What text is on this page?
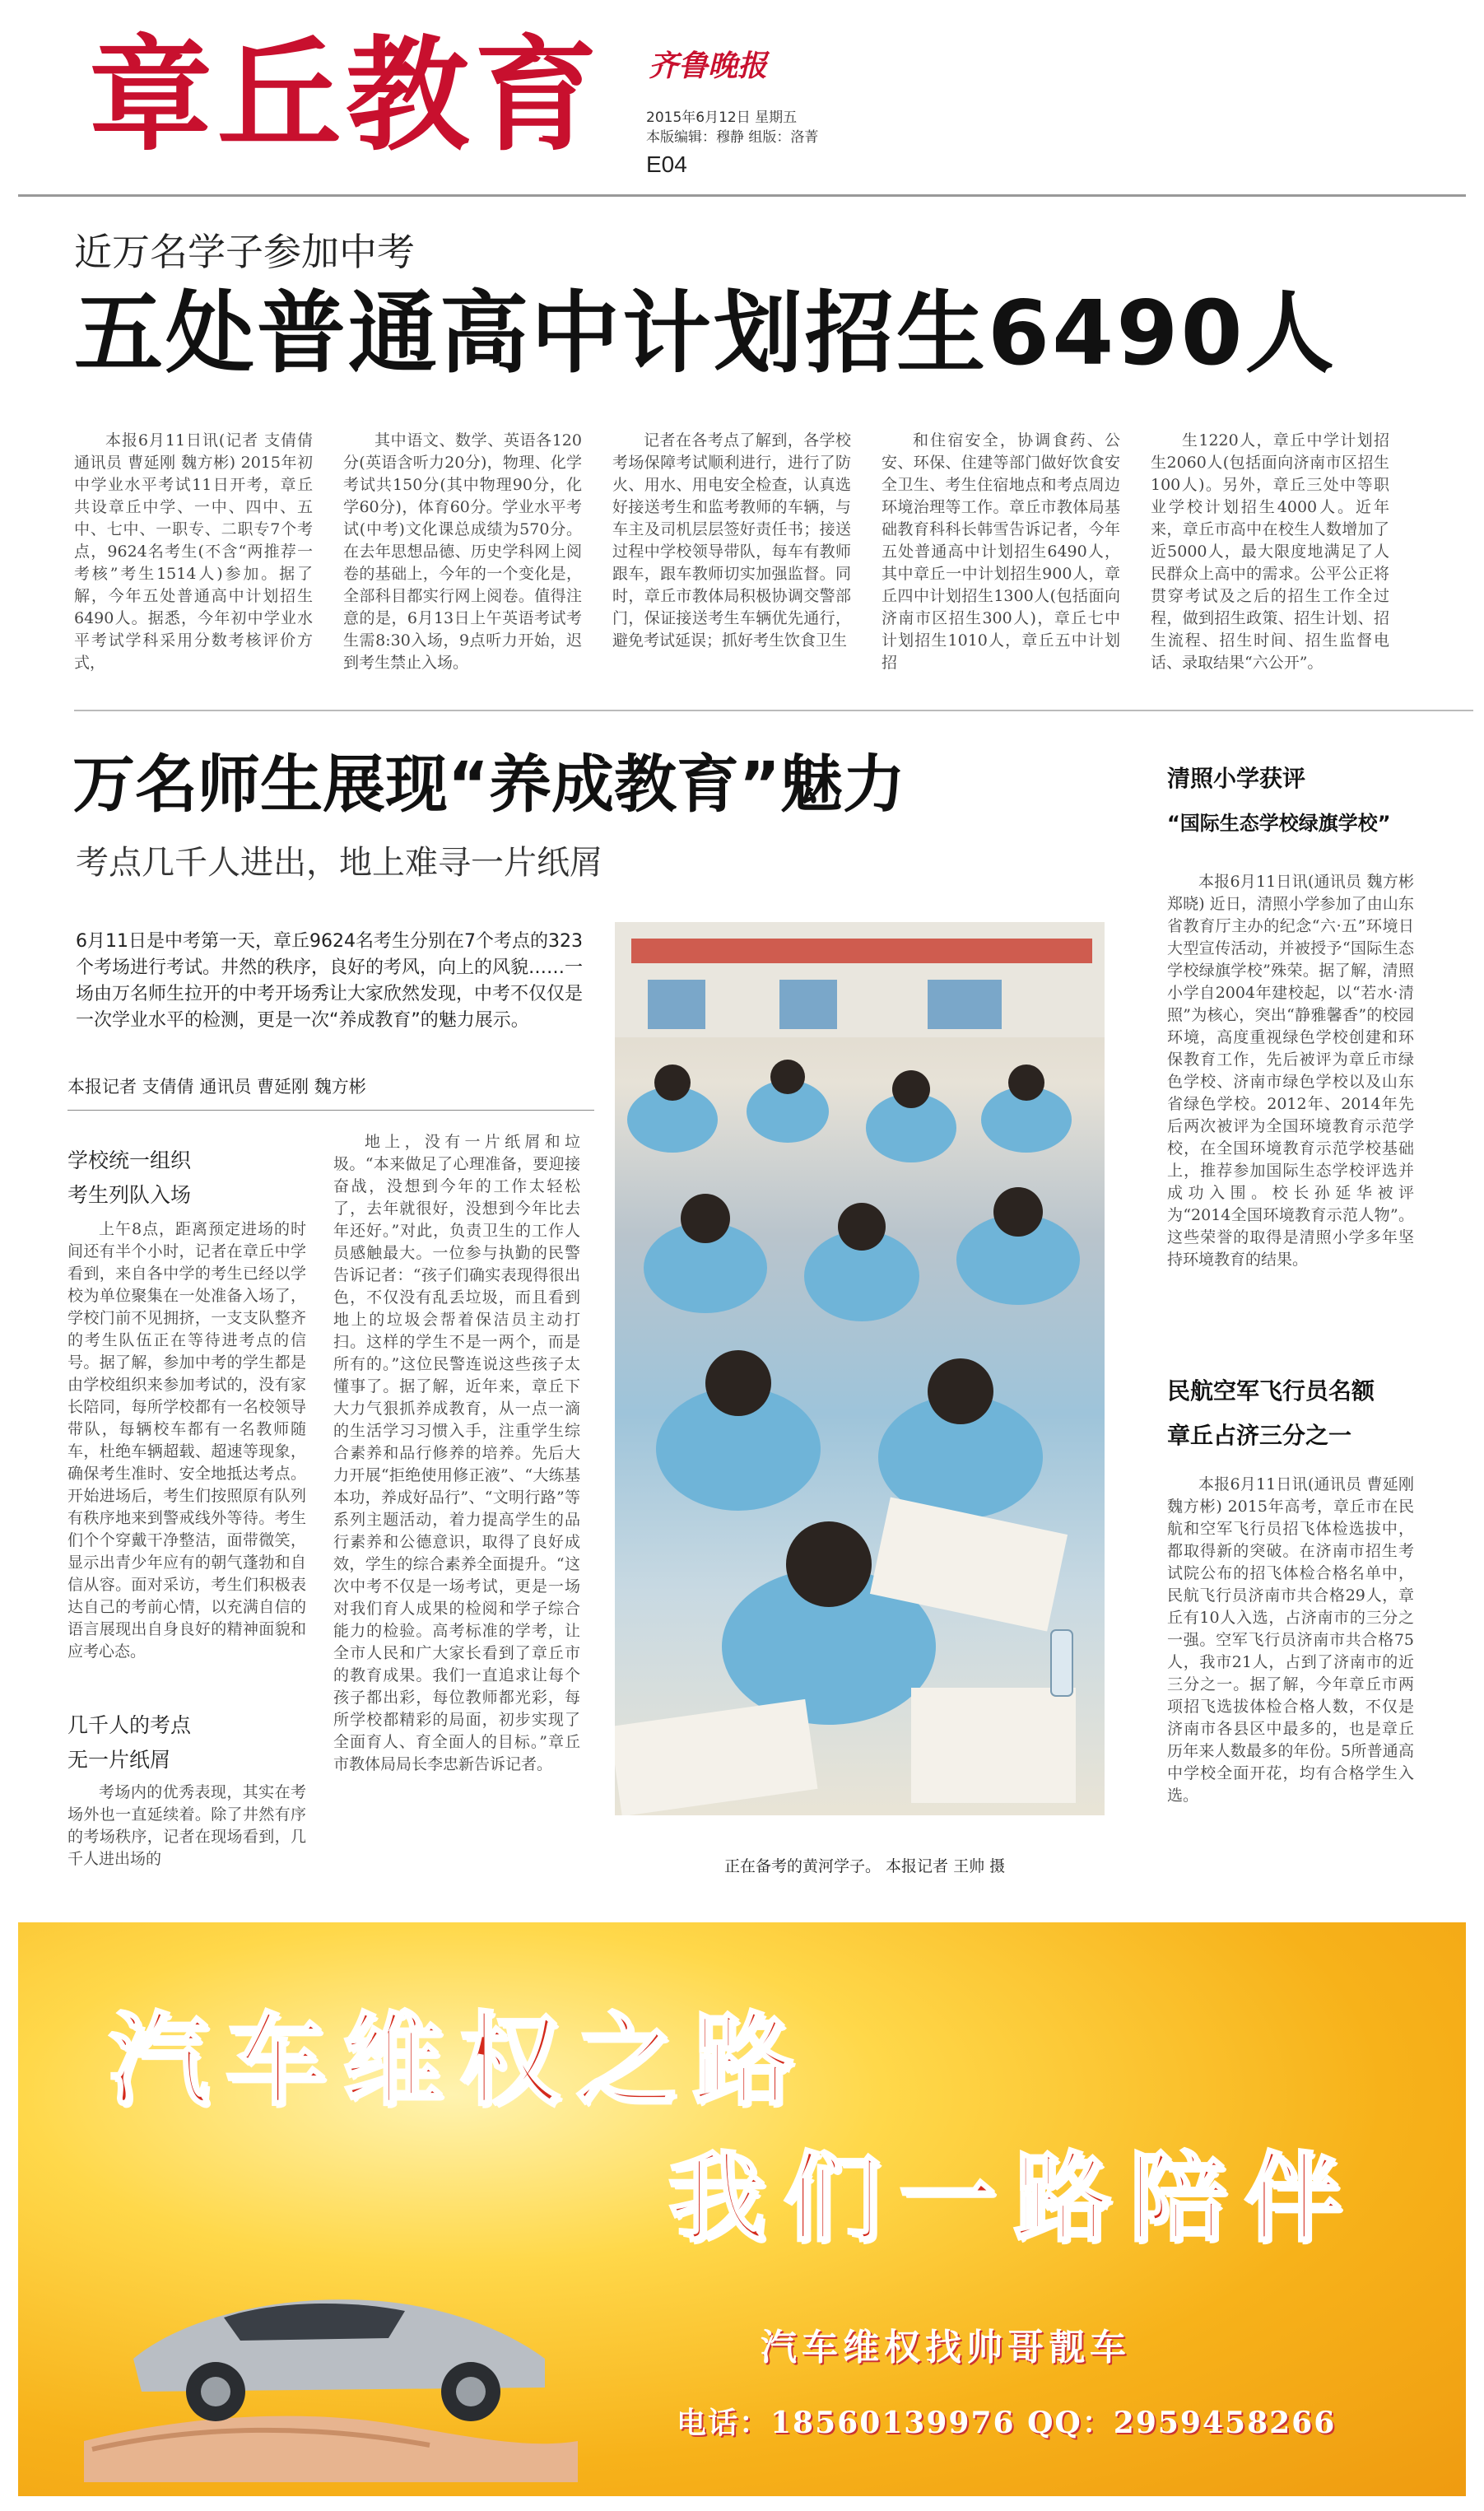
章丘教育 齐鲁晚报
2015年6月12日 星期五
本版编辑：穆静 组版：洛菁
E04
近万名学子参加中考
五处普通高中计划招生6490人

本报6月11日讯(记者 支倩倩 通讯员 曹延刚 魏方彬) 2015年初中学业水平考试11日开考，章丘共设章丘中学、一中、四中、五中、七中、一职专、二职专7个考点，9624名考生(不含“两推荐一考核”考生1514人)参加。据了解，今年五处普通高中计划招生6490人。据悉，今年初中学业水平考试学科采用分数考核评价方式，

其中语文、数学、英语各120分(英语含听力20分)，物理、化学考试共150分(其中物理90分，化学60分)，体育60分。学业水平考试(中考)文化课总成绩为570分。在去年思想品德、历史学科网上阅卷的基础上，今年的一个变化是，全部科目都实行网上阅卷。值得注意的是，6月13日上午英语考试考生需8:30入场，9点听力开始，迟到考生禁止入场。

记者在各考点了解到，各学校考场保障考试顺利进行，进行了防火、用水、用电安全检查，认真选好接送考生和监考教师的车辆，与车主及司机层层签好责任书；接送过程中学校领导带队，每车有教师跟车，跟车教师切实加强监督。同时，章丘市教体局积极协调交警部门，保证接送考生车辆优先通行，避免考试延误；抓好考生饮食卫生

和住宿安全，协调食药、公安、环保、住建等部门做好饮食安全卫生、考生住宿地点和考点周边环境治理等工作。章丘市教体局基础教育科科长韩雪告诉记者，今年五处普通高中计划招生6490人，其中章丘一中计划招生900人，章丘四中计划招生1300人(包括面向济南市区招生300人)，章丘七中计划招生1010人，章丘五中计划招

生1220人，章丘中学计划招生2060人(包括面向济南市区招生100人)。另外，章丘三处中等职业学校计划招生4000人。近年来，章丘市高中在校生人数增加了近5000人，最大限度地满足了人民群众上高中的需求。公平公正将贯穿考试及之后的招生工作全过程，做到招生政策、招生计划、招生流程、招生时间、招生监督电话、录取结果“六公开”。

万名师生展现“养成教育”魅力
考点几千人进出，地上难寻一片纸屑
6月11日是中考第一天，章丘9624名考生分别在7个考点的323个考场进行考试。井然的秩序，良好的考风，向上的风貌……一场由万名师生拉开的中考开场秀让大家欣然发现，中考不仅仅是一次学业水平的检测，更是一次“养成教育”的魅力展示。
本报记者 支倩倩 通讯员 曹延刚 魏方彬
学校统一组织
考生列队入场

上午8点，距离预定进场的时间还有半个小时，记者在章丘中学看到，来自各中学的考生已经以学校为单位聚集在一处准备入场了，学校门前不见拥挤，一支支队整齐的考生队伍正在等待进考点的信号。据了解，参加中考的学生都是由学校组织来参加考试的，没有家长陪同，每所学校都有一名校领导带队，每辆校车都有一名教师随车，杜绝车辆超载、超速等现象，确保考生准时、安全地抵达考点。开始进场后，考生们按照原有队列有秩序地来到警戒线外等待。考生们个个穿戴干净整洁，面带微笑，显示出青少年应有的朝气蓬勃和自信从容。面对采访，考生们积极表达自己的考前心情，以充满自信的语言展现出自身良好的精神面貌和应考心态。

几千人的考点
无一片纸屑

考场内的优秀表现，其实在考场外也一直延续着。除了井然有序的考场秩序，记者在现场看到，几千人进出场的

地上，没有一片纸屑和垃圾。“本来做足了心理准备，要迎接奋战，没想到今年的工作太轻松了，去年就很好，没想到今年比去年还好。”对此，负责卫生的工作人员感触最大。一位参与执勤的民警告诉记者：“孩子们确实表现得很出色，不仅没有乱丢垃圾，而且看到地上的垃圾会帮着保洁员主动打扫。这样的学生不是一两个，而是所有的。”这位民警连说这些孩子太懂事了。据了解，近年来，章丘下大力气狠抓养成教育，从一点一滴的生活学习习惯入手，注重学生综合素养和品行修养的培养。先后大力开展“拒绝使用修正液”、“大练基本功，养成好品行”、“文明行路”等系列主题活动，着力提高学生的品行素养和公德意识，取得了良好成效，学生的综合素养全面提升。“这次中考不仅是一场考试，更是一场对我们育人成果的检阅和学子综合能力的检验。高考标准的学考，让全市人民和广大家长看到了章丘市的教育成果。我们一直追求让每个孩子都出彩，每位教师都光彩，每所学校都精彩的局面，初步实现了全面育人、育全面人的目标。”章丘市教体局局长李忠新告诉记者。

正在备考的黄河学子。 本报记者 王帅 摄
清照小学获评
“国际生态学校绿旗学校”

本报6月11日讯(通讯员 魏方彬 郑晓) 近日，清照小学参加了由山东省教育厅主办的纪念“六·五”环境日大型宣传活动，并被授予“国际生态学校绿旗学校”殊荣。据了解，清照小学自2004年建校起，以“若水·清照”为核心，突出“静雅馨香”的校园环境，高度重视绿色学校创建和环保教育工作，先后被评为章丘市绿色学校、济南市绿色学校以及山东省绿色学校。2012年、2014年先后两次被评为全国环境教育示范学校，在全国环境教育示范学校基础上，推荐参加国际生态学校评选并成功入围。校长孙延华被评为“2014全国环境教育示范人物”。这些荣誉的取得是清照小学多年坚持环境教育的结果。

民航空军飞行员名额
章丘占济三分之一

本报6月11日讯(通讯员 曹延刚 魏方彬) 2015年高考，章丘市在民航和空军飞行员招飞体检选拔中，都取得新的突破。在济南市招生考试院公布的招飞体检合格名单中，民航飞行员济南市共合格29人，章丘有10人入选，占济南市的三分之一强。空军飞行员济南市共合格75人，我市21人，占到了济南市的近三分之一。据了解，今年章丘市两项招飞选拔体检合格人数，不仅是济南市各县区中最多的，也是章丘历年来人数最多的年份。5所普通高中学校全面开花，均有合格学生入选。

汽车维权之路
我们一路陪伴
汽车维权找帅哥靓车
电话：18560139976 QQ：2959458266
